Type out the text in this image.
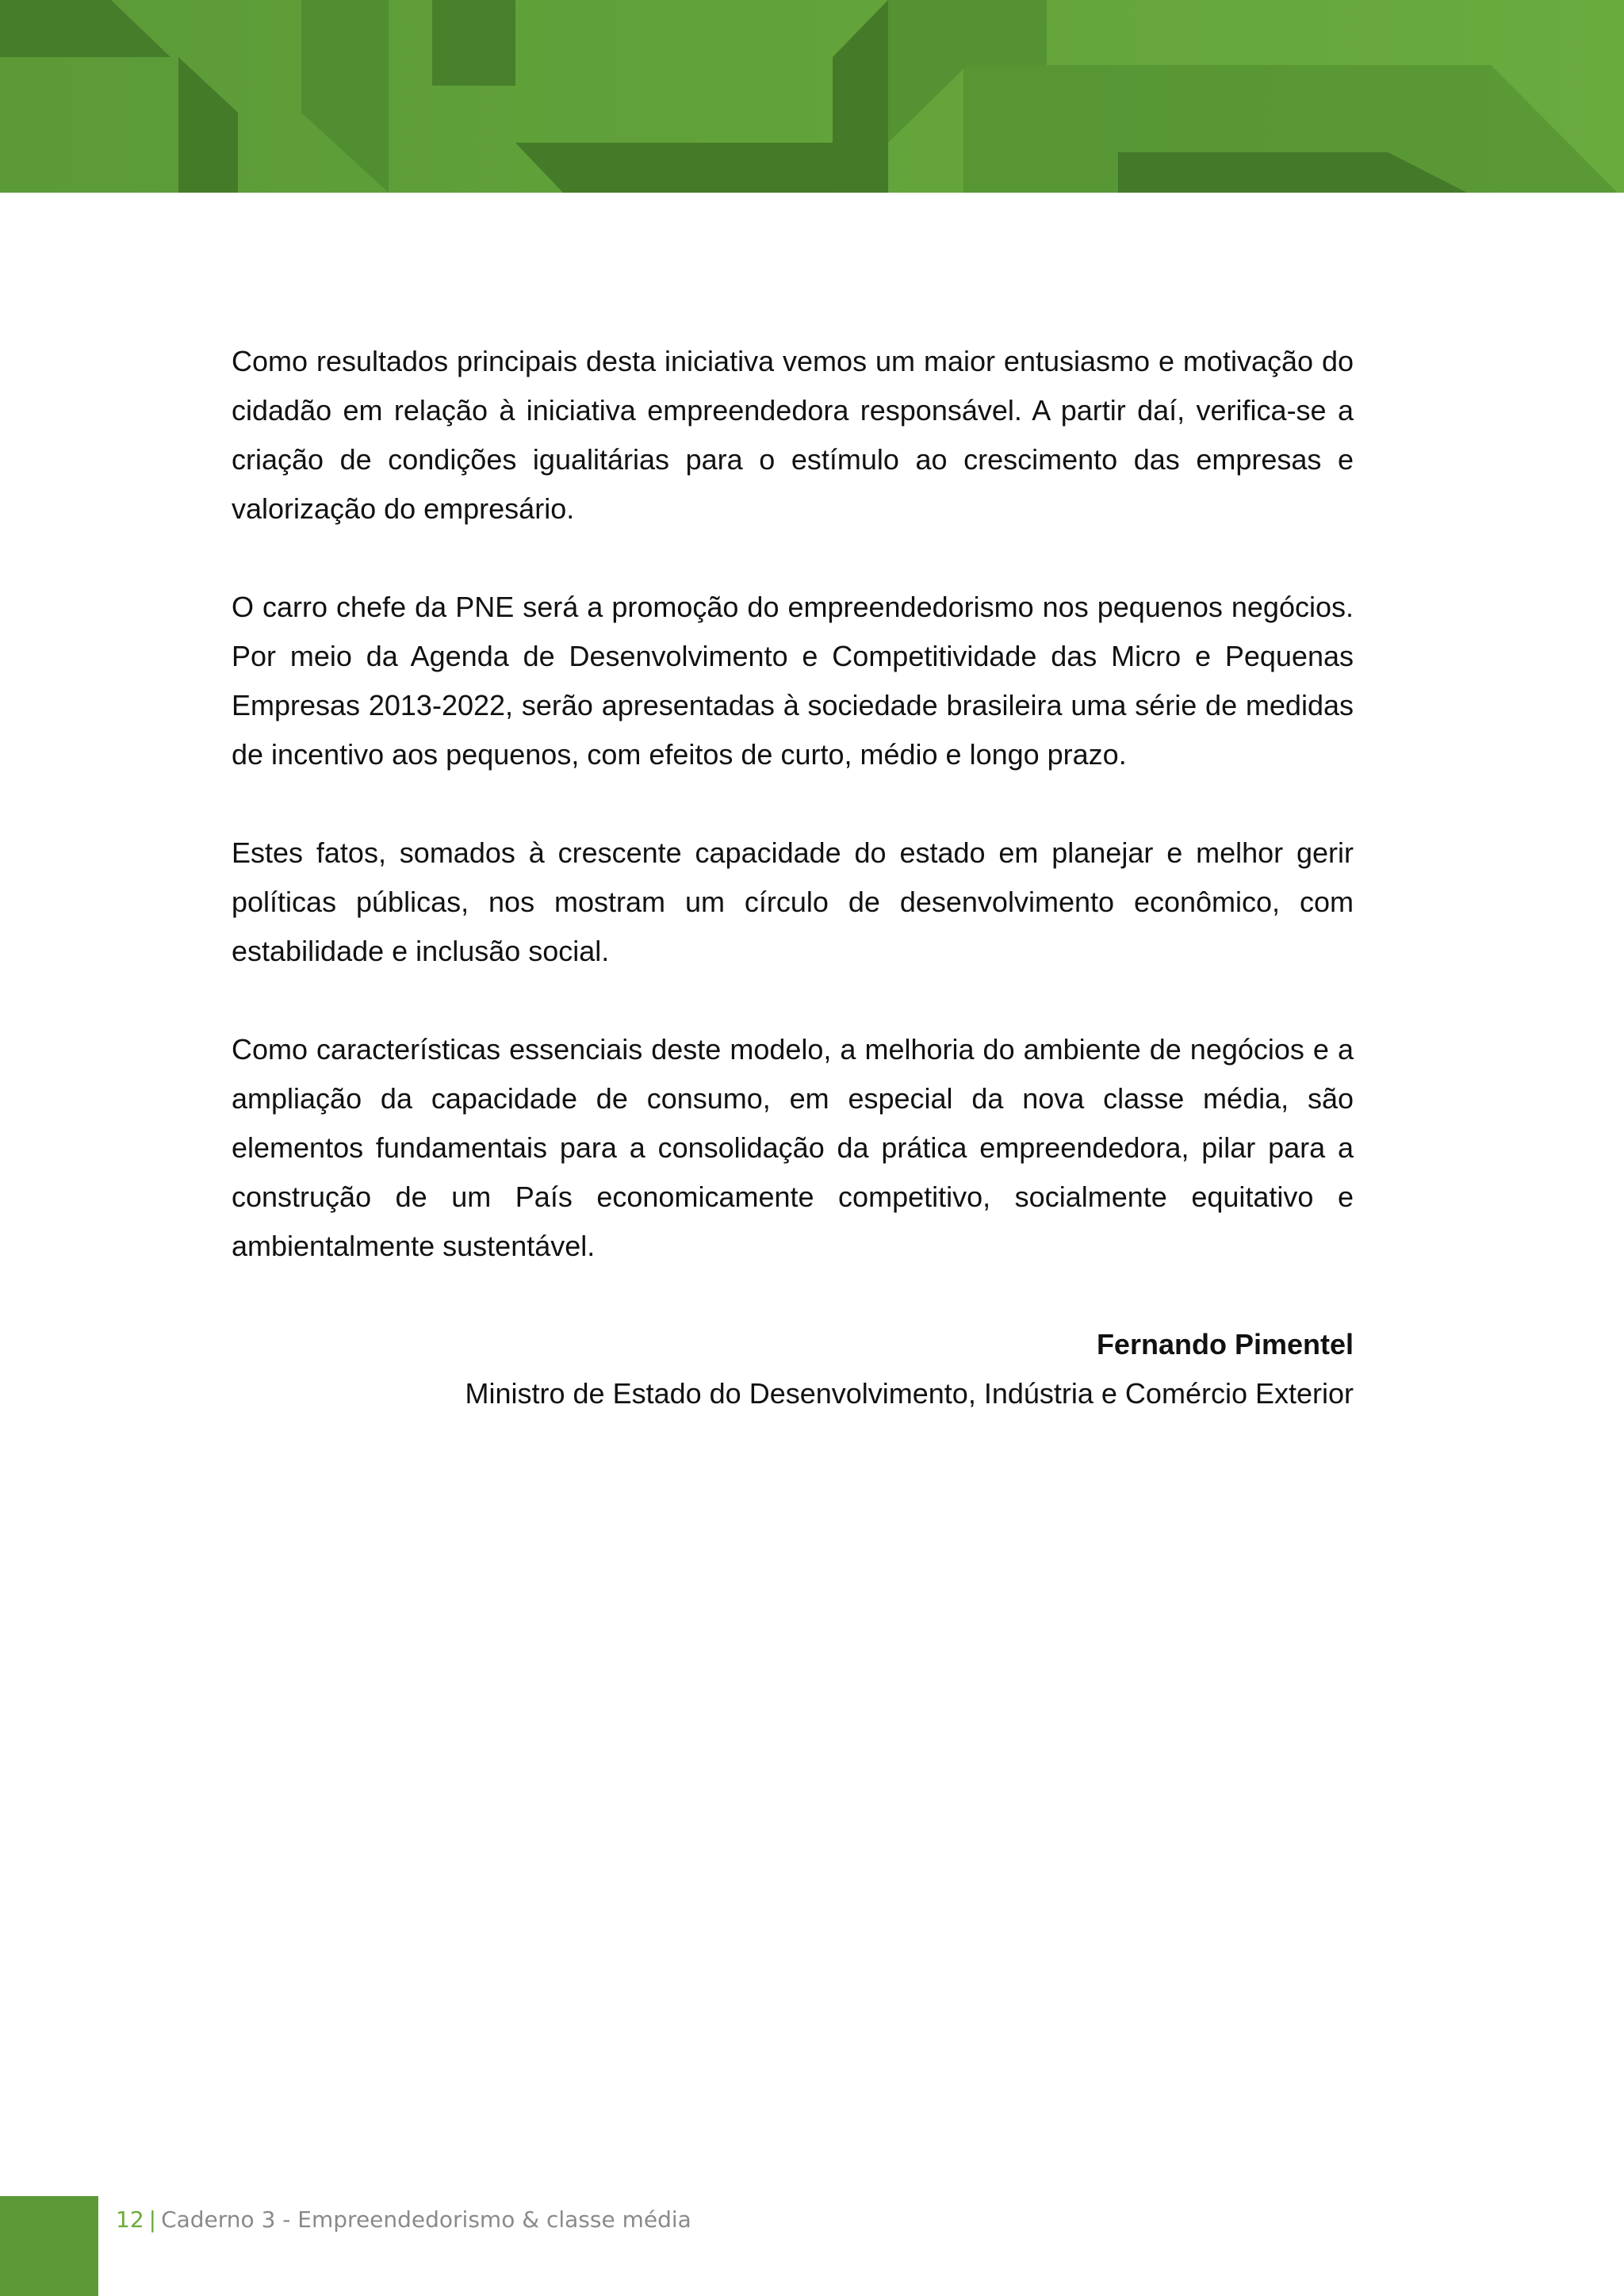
Como resultados principais desta iniciativa vemos um maior entusiasmo e motivação do cidadão em relação à iniciativa empreendedora responsável. A partir daí, verifica-se a criação de condições igualitárias para o estímulo ao crescimento das empresas e valorização do empresário.

O carro chefe da PNE será a promoção do empreendedorismo nos pequenos negócios. Por meio da Agenda de Desenvolvimento e Competitividade das Micro e Pequenas Empresas 2013-2022, serão apresentadas à sociedade brasileira uma série de medidas de incentivo aos pequenos, com efeitos de curto, médio e longo prazo.

Estes fatos, somados à crescente capacidade do estado em planejar e melhor gerir políticas públicas, nos mostram um círculo de desenvolvimento econômico, com estabilidade e inclusão social.

Como características essenciais deste modelo, a melhoria do ambiente de negócios e a ampliação da capacidade de consumo, em especial da nova classe média, são elementos fundamentais para a consolidação da prática empreendedora, pilar para a construção de um País economicamente competitivo, socialmente equitativo e ambientalmente sustentável.

Fernando Pimentel
Ministro de Estado do Desenvolvimento, Indústria e Comércio Exterior
12 | Caderno 3 - Empreendedorismo & classe média
